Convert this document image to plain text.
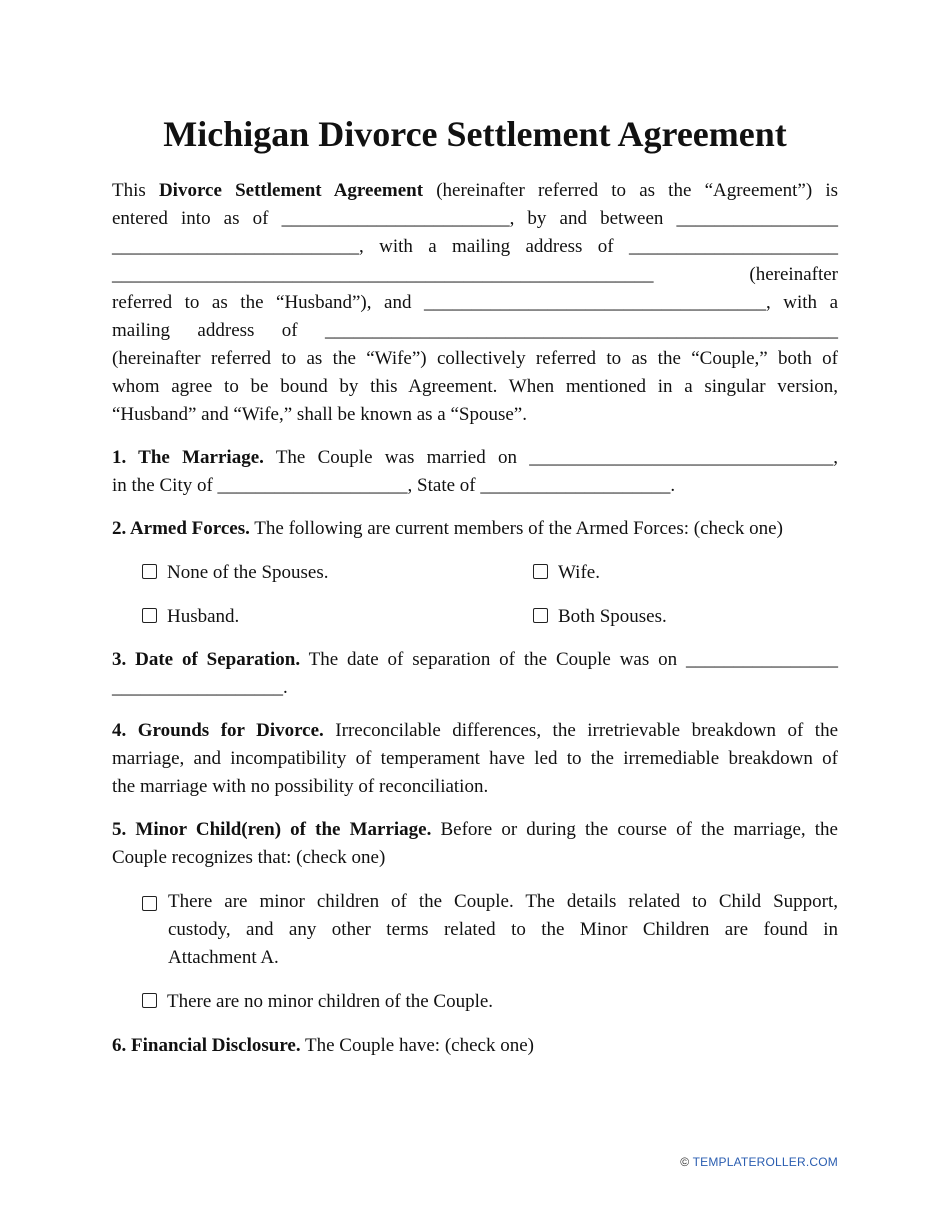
Michigan Divorce Settlement Agreement
This Divorce Settlement Agreement (hereinafter referred to as the “Agreement”) is
entered into as of ________________________, by and between _________________
__________________________, with a mailing address of ______________________
_________________________________________________________ (hereinafter
referred to as the “Husband”), and ____________________________________, with a
mailing address of ______________________________________________________
(hereinafter referred to as the “Wife”) collectively referred to as the “Couple,” both of
whom agree to be bound by this Agreement. When mentioned in a singular version,
“Husband” and “Wife,” shall be known as a “Spouse”.
1. The Marriage. The Couple was married on ________________________________,
in the City of ____________________, State of ____________________.
2. Armed Forces. The following are current members of the Armed Forces: (check one)
None of the Spouses.	Wife.
Husband.	Both Spouses.
3. Date of Separation. The date of separation of the Couple was on ________________
__________________.
4. Grounds for Divorce. Irreconcilable differences, the irretrievable breakdown of the
marriage, and incompatibility of temperament have led to the irremediable breakdown of
the marriage with no possibility of reconciliation.
5. Minor Child(ren) of the Marriage. Before or during the course of the marriage, the
Couple recognizes that: (check one)
There are minor children of the Couple. The details related to Child Support,
custody, and any other terms related to the Minor Children are found in
Attachment A.
There are no minor children of the Couple.
6. Financial Disclosure. The Couple have: (check one)
© TEMPLATEROLLER.COM
